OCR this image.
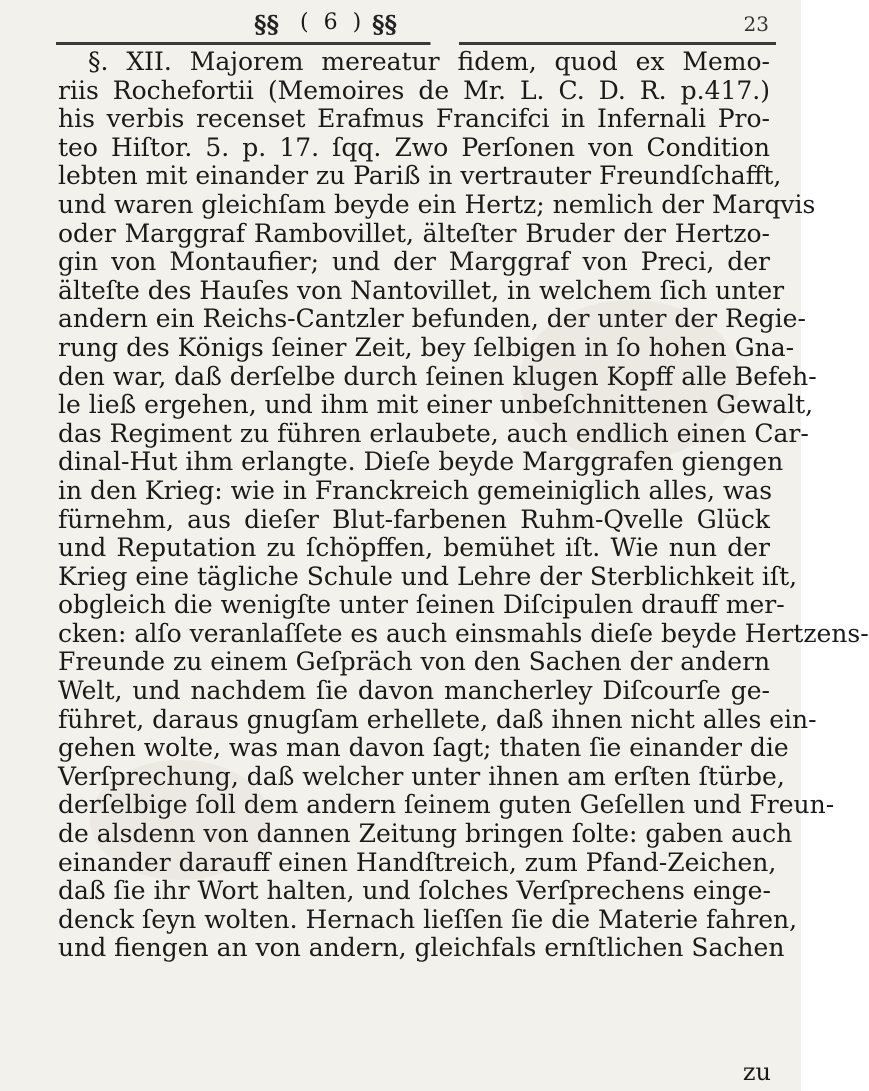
§§ ( 6 ) §§	23
§. XII. Majorem mereatur fidem, quod ex Memo-
riis Rochefortii (Memoires de Mr. L. C. D. R. p.417.)
his verbis recenset Erafmus Francifci in Infernali Pro-
teo Hiſtor. 5. p. 17. ſqq. Zwo Perſonen von Condition
lebten mit einander zu Pariß in vertrauter Freundſchafft,
und waren gleichſam beyde ein Hertz; nemlich der Marqvis
oder Marggraf Rambovillet, älteſter Bruder der Hertzo-
gin von Montaufier; und der Marggraf von Preci, der
älteſte des Hauſes von Nantovillet, in welchem ſich unter
andern ein Reichs-Cantzler befunden, der unter der Regie-
rung des Königs ſeiner Zeit, bey ſelbigen in ſo hohen Gna-
den war, daß derſelbe durch ſeinen klugen Kopff alle Befeh-
le ließ ergehen, und ihm mit einer unbeſchnittenen Gewalt,
das Regiment zu führen erlaubete, auch endlich einen Car-
dinal-Hut ihm erlangte. Dieſe beyde Marggrafen giengen
in den Krieg: wie in Franckreich gemeiniglich alles, was
fürnehm, aus dieſer Blut-farbenen Ruhm-Qvelle Glück
und Reputation zu ſchöpffen, bemühet iſt. Wie nun der
Krieg eine tägliche Schule und Lehre der Sterblichkeit iſt,
obgleich die wenigſte unter ſeinen Diſcipulen drauff mer-
cken: alſo veranlaſſete es auch einsmahls dieſe beyde Hertzens-
Freunde zu einem Geſpräch von den Sachen der andern
Welt, und nachdem ſie davon mancherley Diſcourſe ge-
führet, daraus gnugſam erhellete, daß ihnen nicht alles ein-
gehen wolte, was man davon ſagt; thaten ſie einander die
Verſprechung, daß welcher unter ihnen am erſten ſtürbe,
derſelbige ſoll dem andern ſeinem guten Geſellen und Freun-
de alsdenn von dannen Zeitung bringen ſolte: gaben auch
einander darauff einen Handſtreich, zum Pfand-Zeichen,
daß ſie ihr Wort halten, und ſolches Verſprechens einge-
denck ſeyn wolten. Hernach lieſſen ſie die Materie fahren,
und fiengen an von andern, gleichfals ernſtlichen Sachen
zu
